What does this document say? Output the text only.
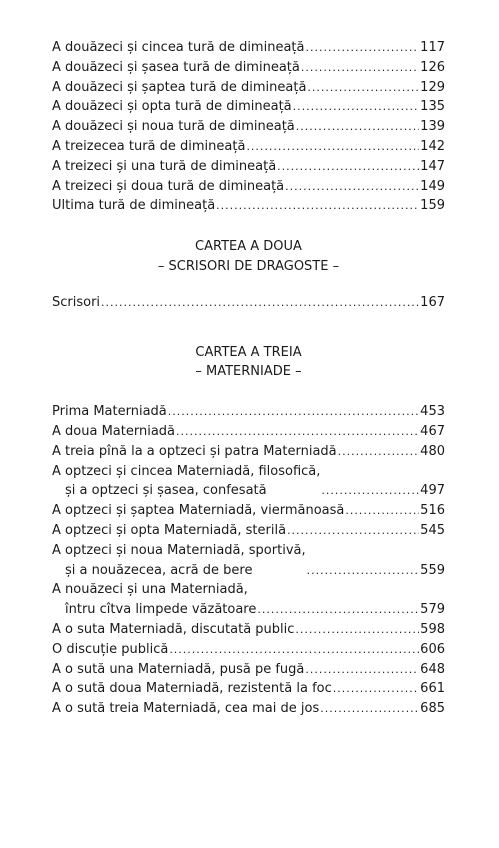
A douăzeci și cincea tură de dimineață .....	117
A douăzeci și șasea tură de dimineață .....	126
A douăzeci și șaptea tură de dimineață .....	129
A douăzeci și opta tură de dimineață .....	135
A douăzeci și noua tură de dimineață .....	139
A treizecea tură de dimineață .....	142
A treizeci și una tură de dimineață .....	147
A treizeci și doua tură de dimineață .....	149
Ultima tură de dimineață .....	159

CARTEA A DOUA

– SCRISORI DE DRAGOSTE –

Scrisori .....	167

CARTEA A TREIA

– MATERNIADE –

Prima Materniadă .....	453
A doua Materniadă .....	467
A treia pînă la a optzeci și patra Materniadă .....	480
A optzeci și cincea Materniadă, filosofică,
și a optzeci și șasea, confesată .....	497
A optzeci și șaptea Materniadă, viermănoasă .....	516
A optzeci și opta Materniadă, sterilă .....	545
A optzeci și noua Materniadă, sportivă,
și a nouăzecea, acră de bere .....	559
A nouăzeci și una Materniadă,
întru cîtva limpede văzătoare .....	579
A o suta Materniadă, discutată public .....	598
O discuție publică .....	606
A o sută una Materniadă, pusă pe fugă .....	648
A o sută doua Materniadă, rezistentă la foc .....	661
A o sută treia Materniadă, cea mai de jos .....	685
